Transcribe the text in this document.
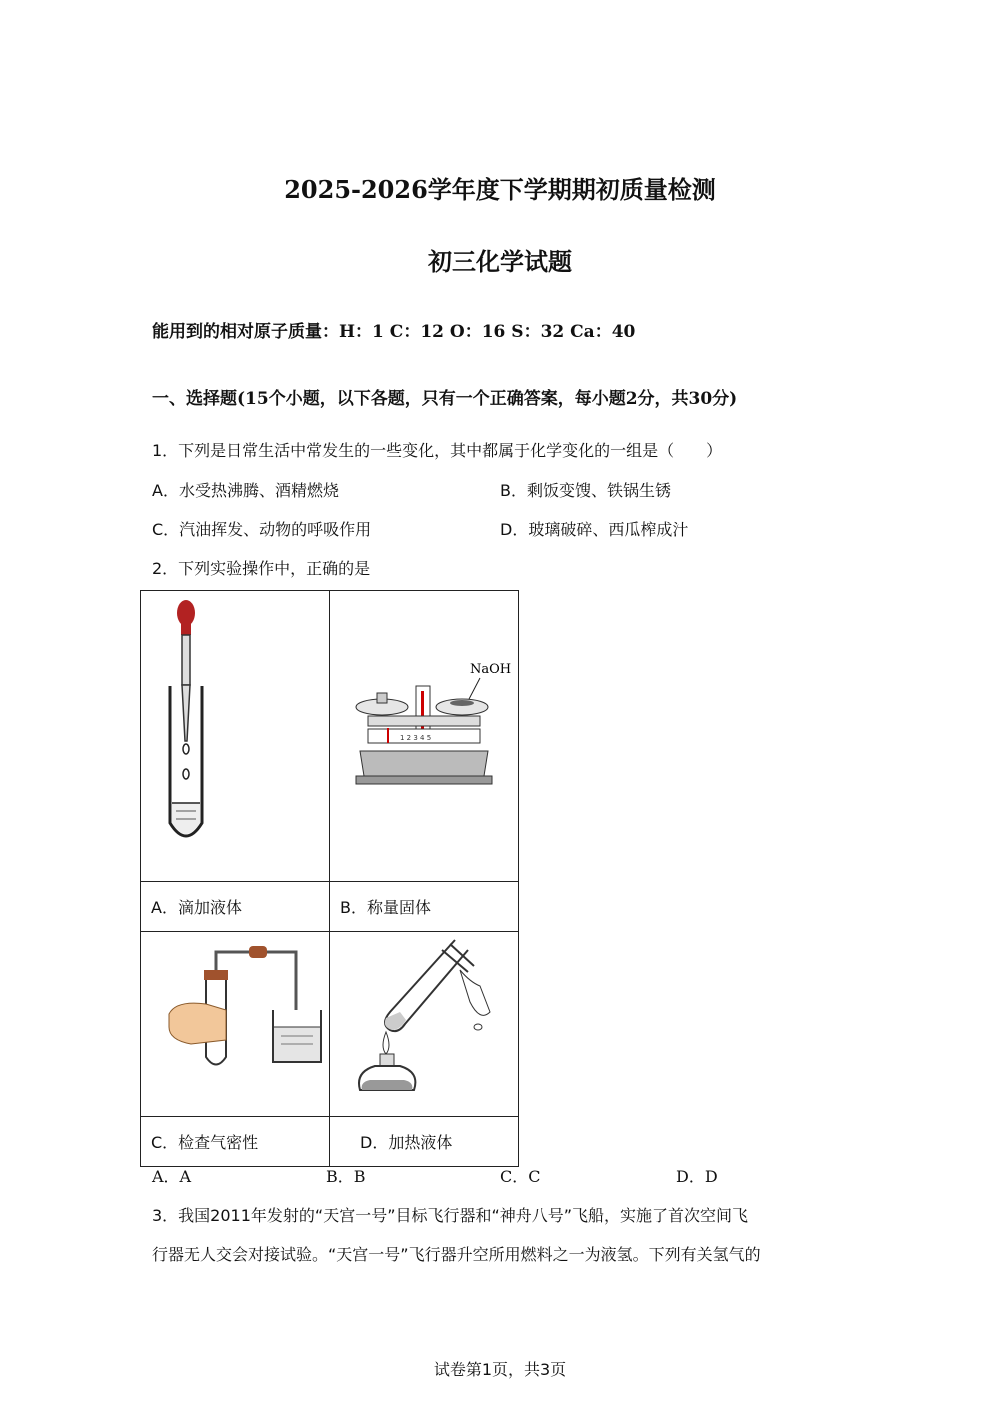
2025-2026学年度下学期期初质量检测
初三化学试题
能用到的相对原子质量：H：1 C：12 O：16 S：32 Ca：40
一、选择题(15个小题，以下各题，只有一个正确答案，每小题2分，共30分)
1．下列是日常生活中常发生的一些变化，其中都属于化学变化的一组是（　　）
A．水受热沸腾、酒精燃烧	B．剩饭变馊、铁锅生锈
C．汽油挥发、动物的呼吸作用	D．玻璃破碎、西瓜榨成汁
2．下列实验操作中，正确的是

NaOH
1 2 3 4 5

A．滴加液体	B．称量固体

C．检查气密性	D．加热液体
A．A	B．B	C．C	D．D
3．我国2011年发射的“天宫一号”目标飞行器和“神舟八号”飞船，实施了首次空间飞
行器无人交会对接试验。“天宫一号”飞行器升空所用燃料之一为液氢。下列有关氢气的
试卷第1页，共3页
